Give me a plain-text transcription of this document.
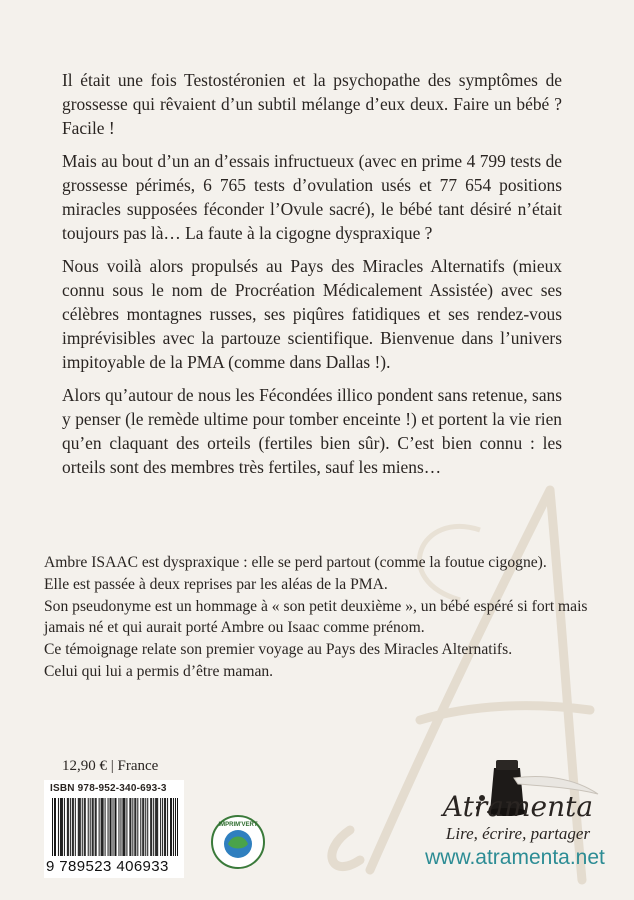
Il était une fois Testostéronien et la psychopathe des symptômes de grossesse qui rêvaient d’un subtil mélange d’eux deux. Faire un bébé ? Facile !

Mais au bout d’un an d’essais infructueux (avec en prime 4 799 tests de grossesse périmés, 6 765 tests d’ovulation usés et 77 654 positions miracles supposées féconder l’Ovule sacré), le bébé tant désiré n’était toujours pas là… La faute à la cigogne dyspraxique ?

Nous voilà alors propulsés au Pays des Miracles Alternatifs (mieux connu sous le nom de Procréation Médicalement Assistée) avec ses célèbres montagnes russes, ses piqûres fatidiques et ses rendez-vous imprévisibles avec la partouze scientifique. Bienvenue dans l’univers impitoyable de la PMA (comme dans Dallas !).

Alors qu’autour de nous les Fécondées illico pondent sans retenue, sans y penser (le remède ultime pour tomber enceinte !) et portent la vie rien qu’en claquant des orteils (fertiles bien sûr). C’est bien connu : les orteils sont des membres très fertiles, sauf les miens…

Ambre ISAAC est dyspraxique : elle se perd partout (comme la foutue cigogne).

Elle est passée à deux reprises par les aléas de la PMA.

Son pseudonyme est un hommage à « son petit deuxième », un bébé espéré si fort mais jamais né et qui aurait porté Ambre ou Isaac comme prénom.

Ce témoignage relate son premier voyage au Pays des Miracles Alternatifs.

Celui qui lui a permis d’être maman.

12,90 € | France
ISBN 978-952-340-693-3
9 789523 406933
IMPRIM'VERT
Atramenta
Lire, écrire, partager
www.atramenta.net
